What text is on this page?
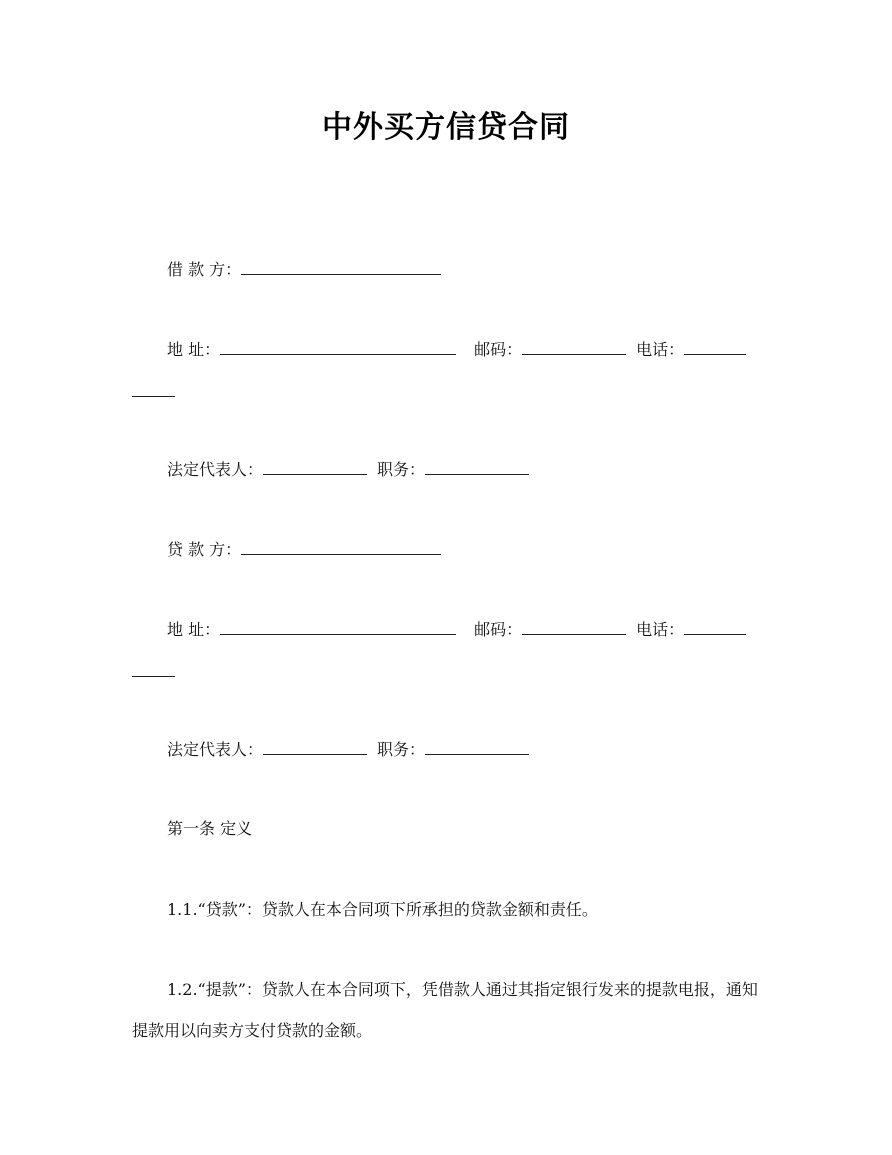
中外买方信贷合同
借 款 方：
地 址：	邮码：	电话：
法定代表人：	职务：
贷 款 方：
地 址：	邮码：	电话：
法定代表人：	职务：
第一条 定义
1.1.“贷款”：贷款人在本合同项下所承担的贷款金额和责任。
1.2.“提款”：贷款人在本合同项下，凭借款人通过其指定银行发来的提款电报，通知提款用以向卖方支付贷款的金额。
